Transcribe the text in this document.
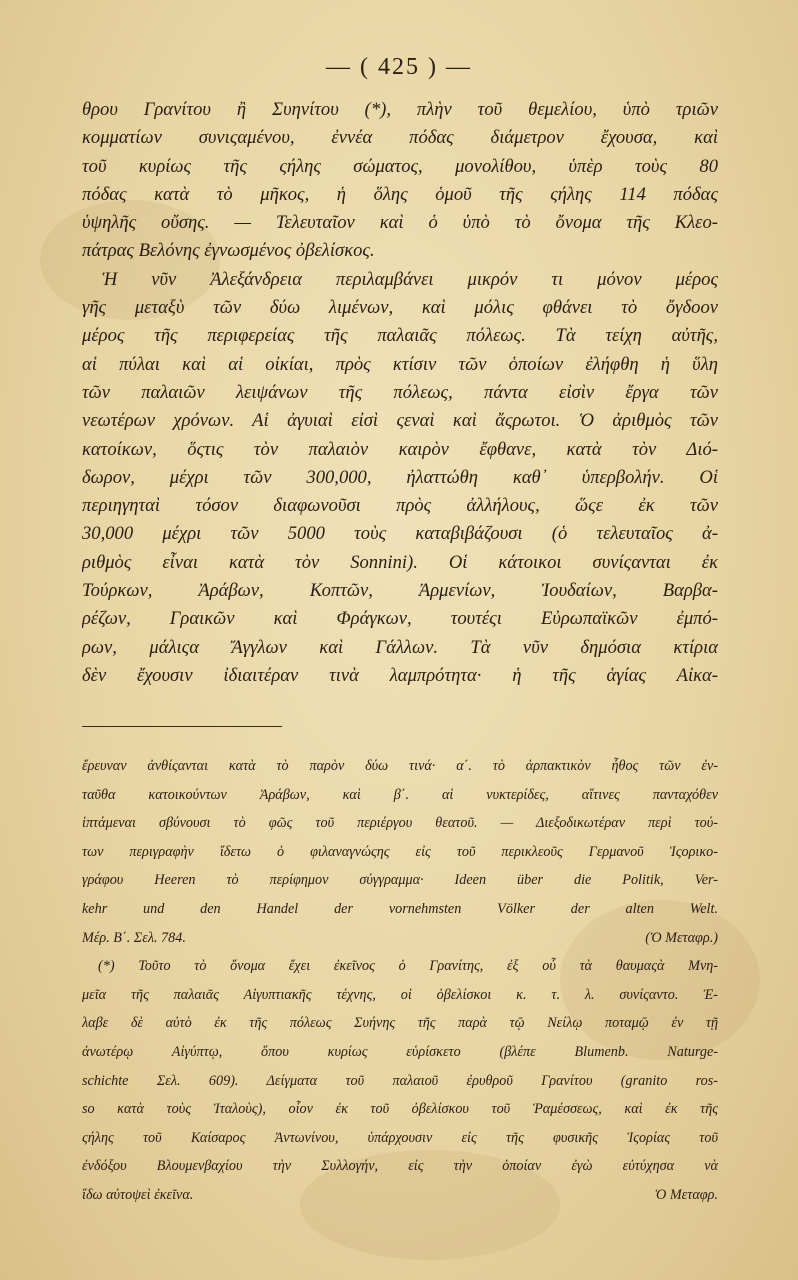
— ( 425 ) —
θρου Γρανίτου ἢ Συηνίτου (*), πλὴν τοῦ θεμελίου, ὑπὸ τριῶν
κομματίων συνιςαμένου, ἐννέα πόδας διάμετρον ἔχουσα, καὶ
τοῦ κυρίως τῆς ςήλης σώματος, μονολίθου, ὑπὲρ τοὺς 80
πόδας κατὰ τὸ μῆκος, ἡ ὅλης ὁμοῦ τῆς ςήλης 114 πόδας
ὑψηλῆς οὔσης. — Τελευταῖον καὶ ὁ ὑπὸ τὸ ὄνομα τῆς Κλεο-
πάτρας Βελόνης ἐγνωσμένος ὀβελίσκος.
Ἡ νῦν Ἀλεξάνδρεια περιλαμβάνει μικρόν τι μόνον μέρος
γῆς μεταξὺ τῶν δύω λιμένων, καὶ μόλις φθάνει τὸ ὄγδοον
μέρος τῆς περιφερείας τῆς παλαιᾶς πόλεως. Τὰ τείχη αὐτῆς,
αἱ πύλαι καὶ αἱ οἰκίαι, πρὸς κτίσιν τῶν ὁποίων ἐλήφθη ἡ ὕλη
τῶν παλαιῶν λειψάνων τῆς πόλεως, πάντα εἰσὶν ἔργα τῶν
νεωτέρων χρόνων. Αἱ ἀγυιαὶ εἰσὶ ςεναὶ καὶ ἄςρωτοι. Ὁ ἀριθμὸς τῶν
κατοίκων, ὅςτις τὸν παλαιὸν καιρὸν ἔφθανε, κατὰ τὸν Διό-
δωρον, μέχρι τῶν 300,000, ἠλαττώθη καθ᾽ ὑπερβολήν. Οἱ
περιηγηταὶ τόσον διαφωνοῦσι πρὸς ἀλλήλους, ὥςε ἐκ τῶν
30,000 μέχρι τῶν 5000 τοὺς καταβιβάζουσι (ὁ τελευταῖος ἀ-
ριθμὸς εἶναι κατὰ τὸν Sonnini). Οἱ κάτοικοι συνίςανται ἐκ
Τούρκων, Ἀράβων, Κοπτῶν, Ἀρμενίων, Ἰουδαίων, Βαρβα-
ρέζων, Γραικῶν καὶ Φράγκων, τουτέςι Εὐρωπαϊκῶν ἐμπό-
ρων, μάλιςα Ἄγγλων καὶ Γάλλων. Τὰ νῦν δημόσια κτίρια
δὲν ἔχουσιν ἰδιαιτέραν τινὰ λαμπρότητα· ἡ τῆς ἁγίας Αἰκα-
ἔρευναν ἀνθίςανται κατὰ τὸ παρὸν δύω τινά· α΄. τὸ ἁρπακτικὸν ἦθος τῶν ἐν-
ταῦθα κατοικούντων Ἀράβων, καὶ β΄. αἱ νυκτερίδες, αἵτινες πανταχόθεν
ἱπτάμεναι σβύνουσι τὸ φῶς τοῦ περιέργου θεατοῦ. — Διεξοδικωτέραν περὶ τού-
των περιγραφὴν ἴδετω ὁ φιλαναγνώςης εἰς τοῦ περικλεοῦς Γερμανοῦ Ἱςορικο-
γράφου Heeren τὸ περίφημον σύγγραμμα· Ideen über die Politik, Ver-
kehr und den Handel der vornehmsten Völker der alten Welt.
Μέρ. Β΄. Σελ. 784.	(Ὁ Μεταφρ.)
(*) Τοῦτο τὸ ὄνομα ἔχει ἐκεῖνος ὁ Γρανίτης, ἐξ οὗ τὰ θαυμαςὰ Μνη-
μεῖα τῆς παλαιᾶς Αἰγυπτιακῆς τέχνης, οἱ ὀβελίσκοι κ. τ. λ. συνίςαντο. Ἐ-
λαβε δὲ αὐτὸ ἐκ τῆς πόλεως Συήνης τῆς παρὰ τῷ Νείλῳ ποταμῷ ἐν τῇ
ἀνωτέρῳ Αἰγύπτῳ, ὅπου κυρίως εὑρίσκετο (βλέπε Blumenb. Naturge-
schichte Σελ. 609). Δείγματα τοῦ παλαιοῦ ἐρυθροῦ Γρανίτου (granito ros-
so κατὰ τοὺς Ἰταλοὺς), οἷον ἐκ τοῦ ὀβελίσκου τοῦ Ῥαμέσσεως, καὶ ἐκ τῆς
ςήλης τοῦ Καίσαρος Ἀντωνίνου, ὑπάρχουσιν εἰς τῆς φυσικῆς Ἱςορίας τοῦ
ἐνδόξου Βλουμενβαχίου τὴν Συλλογήν, εἰς τὴν ὁποίαν ἐγὼ εὐτύχησα νὰ
ἴδω αὐτοψεὶ ἐκεῖνα.	Ὁ Μεταφρ.
